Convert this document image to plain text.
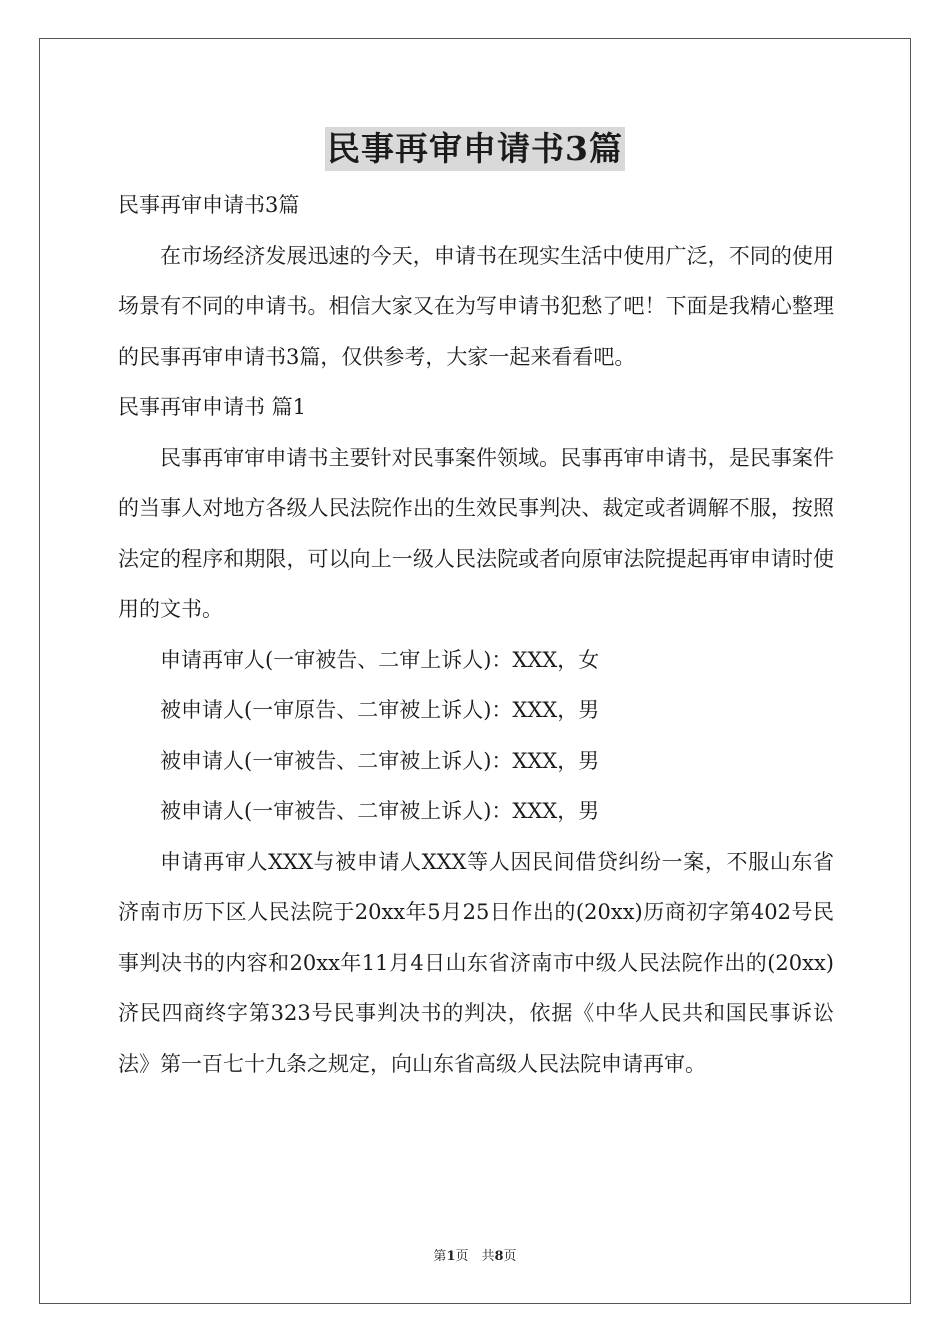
民事再审申请书3篇

民事再审申请书3篇

在市场经济发展迅速的今天，申请书在现实生活中使用广泛，不同的使用场景有不同的申请书。相信大家又在为写申请书犯愁了吧！下面是我精心整理的民事再审申请书3篇，仅供参考，大家一起来看看吧。

民事再审申请书 篇1

民事再审审申请书主要针对民事案件领域。民事再审申请书，是民事案件的当事人对地方各级人民法院作出的生效民事判决、裁定或者调解不服，按照法定的程序和期限，可以向上一级人民法院或者向原审法院提起再审申请时使用的文书。

申请再审人(一审被告、二审上诉人)：XXX，女

被申请人(一审原告、二审被上诉人)：XXX，男

被申请人(一审被告、二审被上诉人)：XXX，男

被申请人(一审被告、二审被上诉人)：XXX，男

申请再审人XXX与被申请人XXX等人因民间借贷纠纷一案，不服山东省济南市历下区人民法院于20xx年5月25日作出的(20xx)历商初字第402号民事判决书的内容和20xx年11月4日山东省济南市中级人民法院作出的(20xx)济民四商终字第323号民事判决书的判决，依据《中华人民共和国民事诉讼法》第一百七十九条之规定，向山东省高级人民法院申请再审。

第1页　共8页
